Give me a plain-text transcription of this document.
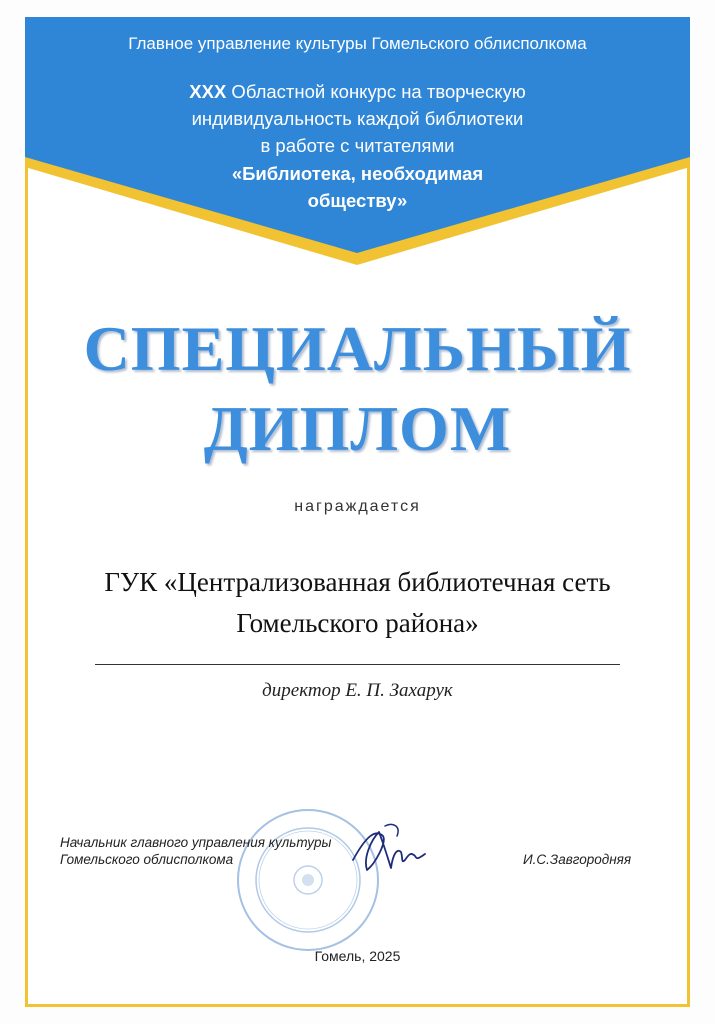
Главное управление культуры Гомельского облисполкома
XXX Областной конкурс на творческую
индивидуальность каждой библиотеки
в работе с читателями
«Библиотека, необходимая
обществу»
СПЕЦИАЛЬНЫЙ
ДИПЛОМ
награждается
ГУК «Централизованная библиотечная сеть
Гомельского района»
директор Е. П. Захарук
Начальник главного управления культуры
Гомельского облисполкома	И.С.Завгородняя
Гомель, 2025
